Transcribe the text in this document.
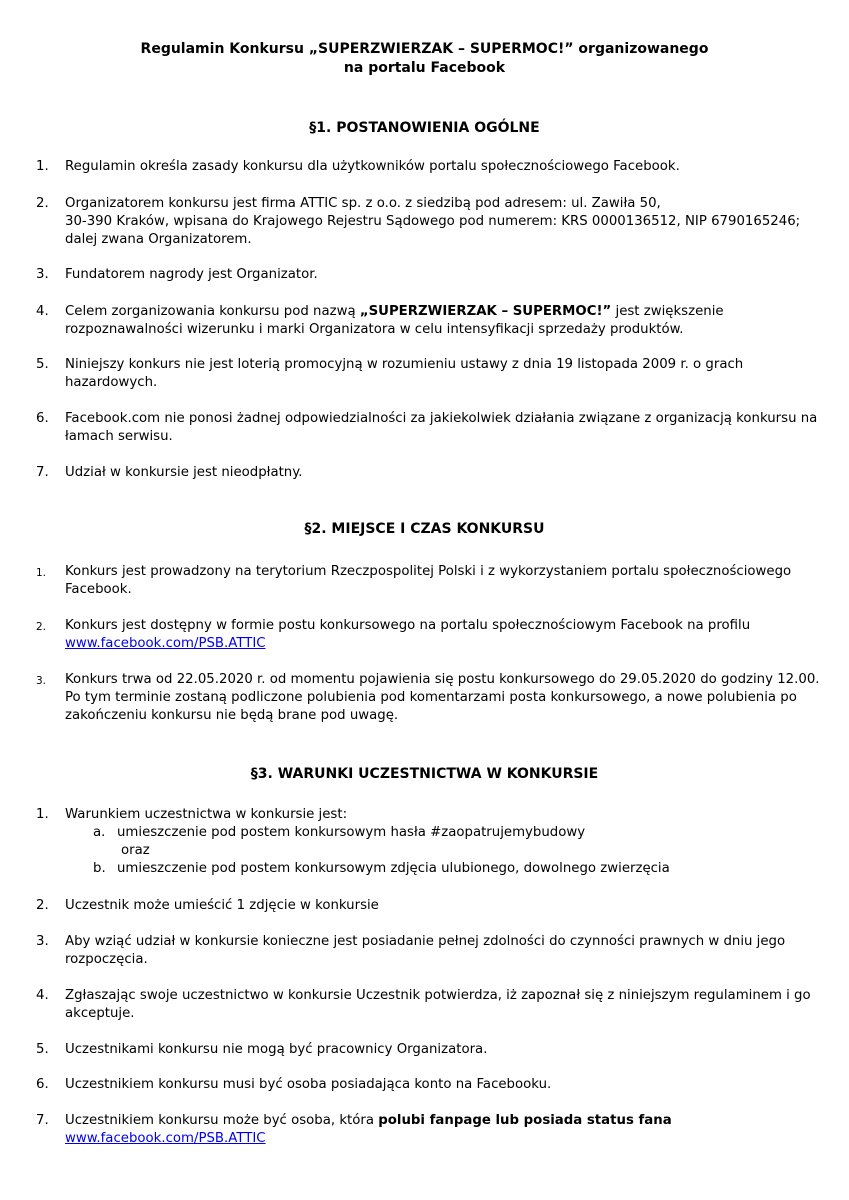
Regulamin Konkursu „SUPERZWIERZAK – SUPERMOC!” organizowanego
na portalu Facebook
§1. POSTANOWIENIA OGÓLNE
1. Regulamin określa zasady konkursu dla użytkowników portalu społecznościowego Facebook.
2. Organizatorem konkursu jest firma ATTIC sp. z o.o. z siedzibą pod adresem: ul. Zawiła 50,
30-390 Kraków, wpisana do Krajowego Rejestru Sądowego pod numerem: KRS 0000136512, NIP 6790165246;
dalej zwana Organizatorem.
3. Fundatorem nagrody jest Organizator.
4. Celem zorganizowania konkursu pod nazwą „SUPERZWIERZAK – SUPERMOC!” jest zwiększenie
rozpoznawalności wizerunku i marki Organizatora w celu intensyfikacji sprzedaży produktów.
5. Niniejszy konkurs nie jest loterią promocyjną w rozumieniu ustawy z dnia 19 listopada 2009 r. o grach
hazardowych.
6. Facebook.com nie ponosi żadnej odpowiedzialności za jakiekolwiek działania związane z organizacją konkursu na
łamach serwisu.
7. Udział w konkursie jest nieodpłatny.
§2. MIEJSCE I CZAS KONKURSU
1. Konkurs jest prowadzony na terytorium Rzeczpospolitej Polski i z wykorzystaniem portalu społecznościowego
Facebook.
2. Konkurs jest dostępny w formie postu konkursowego na portalu społecznościowym Facebook na profilu
www.facebook.com/PSB.ATTIC
3. Konkurs trwa od 22.05.2020 r. od momentu pojawienia się postu konkursowego do 29.05.2020 do godziny 12.00.
Po tym terminie zostaną podliczone polubienia pod komentarzami posta konkursowego, a nowe polubienia po
zakończeniu konkursu nie będą brane pod uwagę.
§3. WARUNKI UCZESTNICTWA W KONKURSIE
1. Warunkiem uczestnictwa w konkursie jest:
a. umieszczenie pod postem konkursowym hasła #zaopatrujemybudowy
oraz
b. umieszczenie pod postem konkursowym zdjęcia ulubionego, dowolnego zwierzęcia
2. Uczestnik może umieścić 1 zdjęcie w konkursie
3. Aby wziąć udział w konkursie konieczne jest posiadanie pełnej zdolności do czynności prawnych w dniu jego
rozpoczęcia.
4. Zgłaszając swoje uczestnictwo w konkursie Uczestnik potwierdza, iż zapoznał się z niniejszym regulaminem i go
akceptuje.
5. Uczestnikami konkursu nie mogą być pracownicy Organizatora.
6. Uczestnikiem konkursu musi być osoba posiadająca konto na Facebooku.
7. Uczestnikiem konkursu może być osoba, która polubi fanpage lub posiada status fana
www.facebook.com/PSB.ATTIC
